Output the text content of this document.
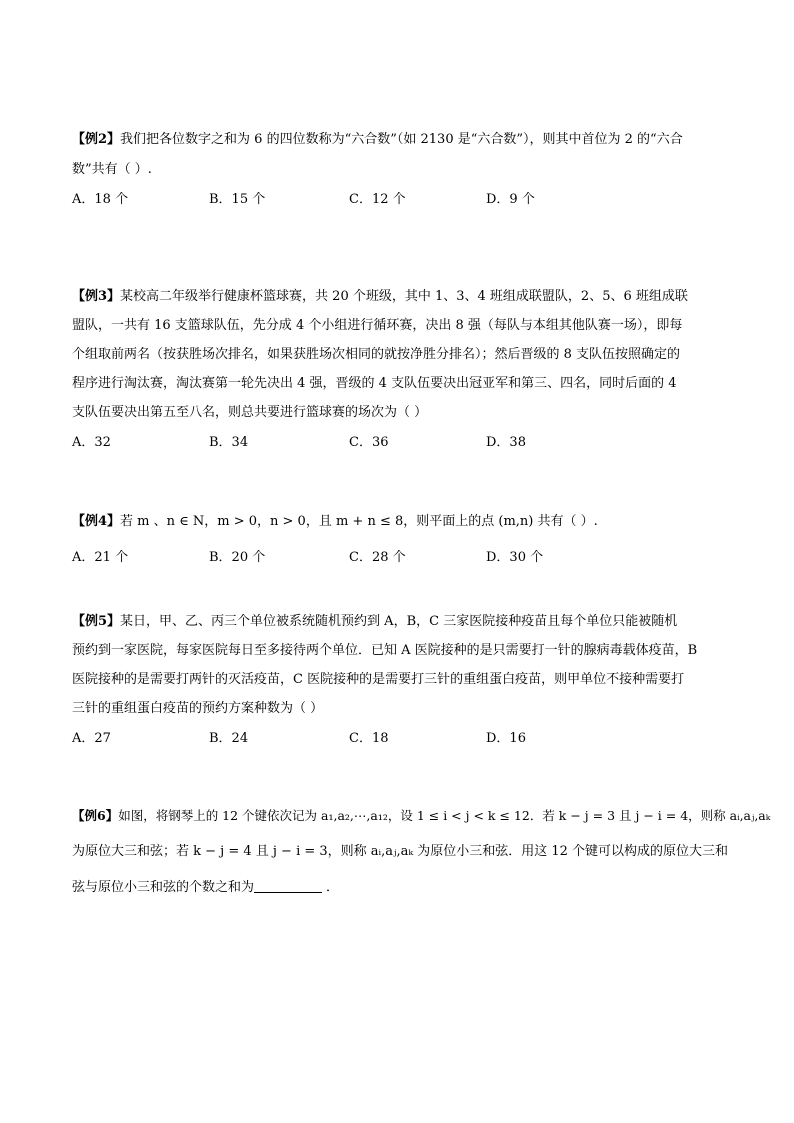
【例2】我们把各位数字之和为 6 的四位数称为“六合数”（如 2130 是“六合数”），则其中首位为 2 的“六合

数”共有（ ）.

A．18 个	B．15 个	C．12 个	D．9 个

【例3】某校高二年级举行健康杯篮球赛，共 20 个班级，其中 1、3、4 班组成联盟队，2、5、6 班组成联

盟队，一共有 16 支篮球队伍，先分成 4 个小组进行循环赛，决出 8 强（每队与本组其他队赛一场），即每

个组取前两名（按获胜场次排名，如果获胜场次相同的就按净胜分排名）；然后晋级的 8 支队伍按照确定的

程序进行淘汰赛，淘汰赛第一轮先决出 4 强，晋级的 4 支队伍要决出冠亚军和第三、四名，同时后面的 4

支队伍要决出第五至八名，则总共要进行篮球赛的场次为（ ）

A．32	B．34	C．36	D．38

【例4】若 m 、n ∈ N，m > 0，n > 0，且 m + n ≤ 8，则平面上的点 (m,n) 共有（ ）.

A．21 个	B．20 个	C．28 个	D．30 个

【例5】某日，甲、乙、丙三个单位被系统随机预约到 A，B，C 三家医院接种疫苗且每个单位只能被随机

预约到一家医院，每家医院每日至多接待两个单位．已知 A 医院接种的是只需要打一针的腺病毒载体疫苗，B

医院接种的是需要打两针的灭活疫苗，C 医院接种的是需要打三针的重组蛋白疫苗，则甲单位不接种需要打

三针的重组蛋白疫苗的预约方案种数为（ ）

A．27	B．24	C．18	D．16

【例6】如图，将钢琴上的 12 个键依次记为 a₁,a₂,⋯,a₁₂，设 1 ≤ i < j < k ≤ 12．若 k − j = 3 且 j − i = 4，则称 aᵢ,aⱼ,aₖ

为原位大三和弦；若 k − j = 4 且 j − i = 3，则称 aᵢ,aⱼ,aₖ 为原位小三和弦．用这 12 个键可以构成的原位大三和

弦与原位小三和弦的个数之和为	．
